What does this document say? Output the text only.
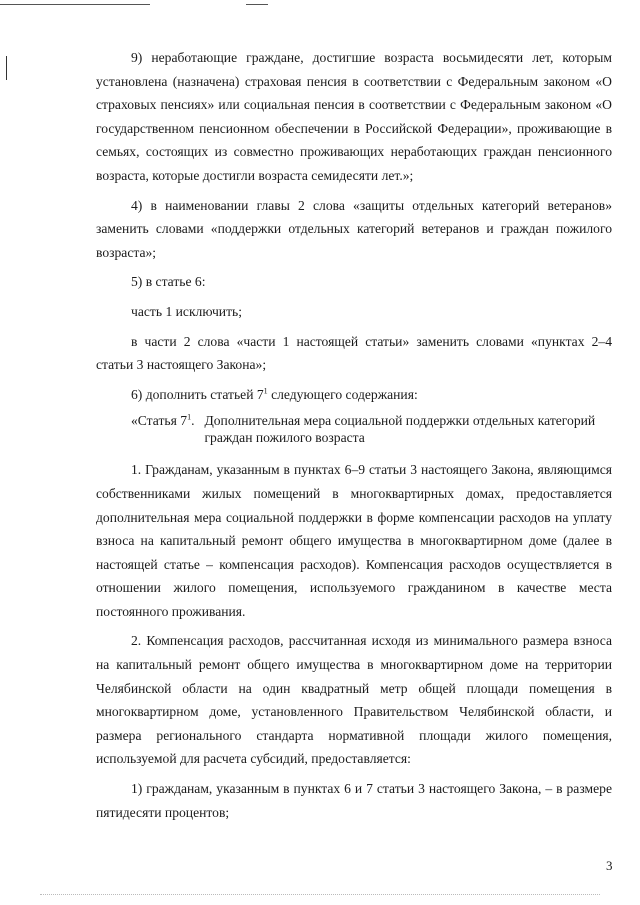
9) неработающие граждане, достигшие возраста восьмидесяти лет, которым установлена (назначена) страховая пенсия в соответствии с Федеральным законом «О страховых пенсиях» или социальная пенсия в соответствии с Федеральным законом «О государственном пенсионном обеспечении в Российской Федерации», проживающие в семьях, состоящих из совместно проживающих неработающих граждан пенсионного возраста, которые достигли возраста семидесяти лет.»;

4) в наименовании главы 2 слова «защиты отдельных категорий ветеранов» заменить словами «поддержки отдельных категорий ветеранов и граждан пожилого возраста»;

5) в статье 6:

часть 1 исключить;

в части 2 слова «части 1 настоящей статьи» заменить словами «пунктах 2–4 статьи 3 настоящего Закона»;

6) дополнить статьей $7^1$ следующего содержания:

«Статья $7^1$. Дополнительная мера социальной поддержки отдельных категорий граждан пожилого возраста

1. Гражданам, указанным в пунктах 6–9 статьи 3 настоящего Закона, являющимся собственниками жилых помещений в многоквартирных домах, предоставляется дополнительная мера социальной поддержки в форме компенсации расходов на уплату взноса на капитальный ремонт общего имущества в многоквартирном доме (далее в настоящей статье – компенсация расходов). Компенсация расходов осуществляется в отношении жилого помещения, используемого гражданином в качестве места постоянного проживания.

2. Компенсация расходов, рассчитанная исходя из минимального размера взноса на капитальный ремонт общего имущества в многоквартирном доме на территории Челябинской области на один квадратный метр общей площади помещения в многоквартирном доме, установленного Правительством Челябинской области, и размера регионального стандарта нормативной площади жилого помещения, используемой для расчета субсидий, предоставляется:

1) гражданам, указанным в пунктах 6 и 7 статьи 3 настоящего Закона, – в размере пятидесяти процентов;

3
